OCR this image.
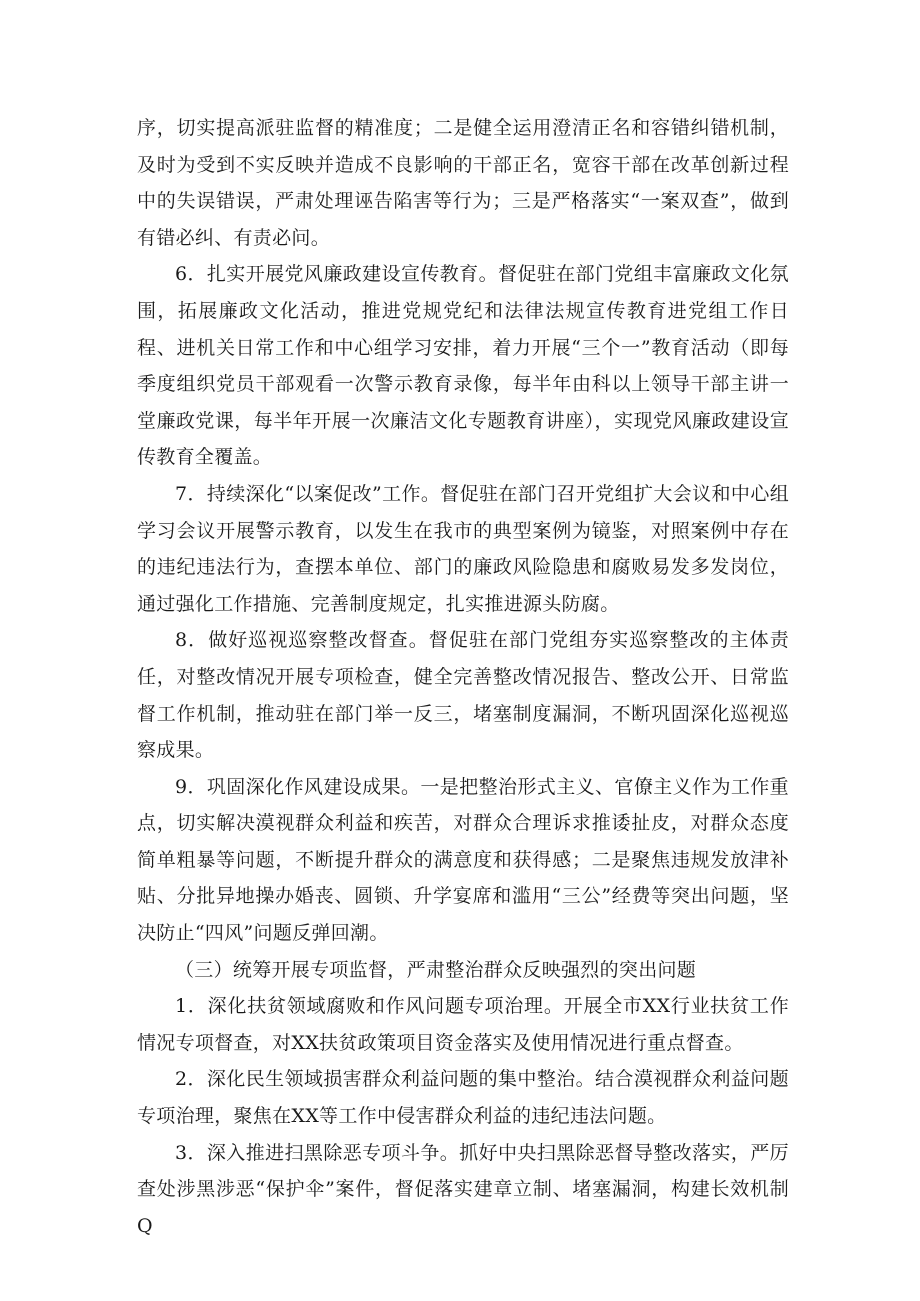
序，切实提高派驻监督的精准度；二是健全运用澄清正名和容错纠错机制，及时为受到不实反映并造成不良影响的干部正名，宽容干部在改革创新过程中的失误错误，严肃处理诬告陷害等行为；三是严格落实“一案双查”，做到有错必纠、有责必问。

6．扎实开展党风廉政建设宣传教育。督促驻在部门党组丰富廉政文化氛围，拓展廉政文化活动，推进党规党纪和法律法规宣传教育进党组工作日程、进机关日常工作和中心组学习安排，着力开展“三个一”教育活动（即每季度组织党员干部观看一次警示教育录像，每半年由科以上领导干部主讲一堂廉政党课，每半年开展一次廉洁文化专题教育讲座），实现党风廉政建设宣传教育全覆盖。

7．持续深化“以案促改”工作。督促驻在部门召开党组扩大会议和中心组学习会议开展警示教育，以发生在我市的典型案例为镜鉴，对照案例中存在的违纪违法行为，查摆本单位、部门的廉政风险隐患和腐败易发多发岗位，通过强化工作措施、完善制度规定，扎实推进源头防腐。

8．做好巡视巡察整改督查。督促驻在部门党组夯实巡察整改的主体责任，对整改情况开展专项检查，健全完善整改情况报告、整改公开、日常监督工作机制，推动驻在部门举一反三，堵塞制度漏洞，不断巩固深化巡视巡察成果。

9．巩固深化作风建设成果。一是把整治形式主义、官僚主义作为工作重点，切实解决漠视群众利益和疾苦，对群众合理诉求推诿扯皮，对群众态度简单粗暴等问题，不断提升群众的满意度和获得感；二是聚焦违规发放津补贴、分批异地操办婚丧、圆锁、升学宴席和滥用“三公”经费等突出问题，坚决防止“四风”问题反弹回潮。

（三）统筹开展专项监督，严肃整治群众反映强烈的突出问题

1．深化扶贫领域腐败和作风问题专项治理。开展全市XX行业扶贫工作情况专项督查，对XX扶贫政策项目资金落实及使用情况进行重点督查。

2．深化民生领域损害群众利益问题的集中整治。结合漠视群众利益问题专项治理，聚焦在XX等工作中侵害群众利益的违纪违法问题。

3．深入推进扫黑除恶专项斗争。抓好中央扫黑除恶督导整改落实，严厉查处涉黑涉恶“保护伞”案件，督促落实建章立制、堵塞漏洞，构建长效机制Q
